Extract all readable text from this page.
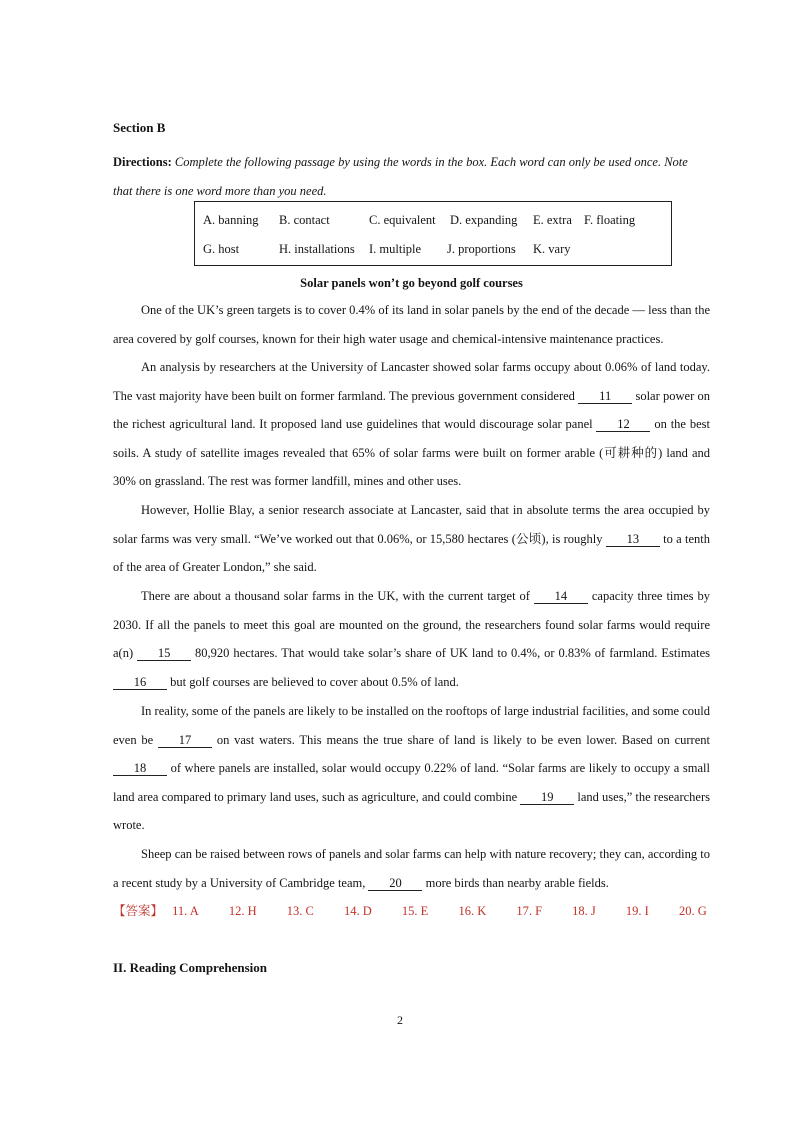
Section B
Directions: Complete the following passage by using the words in the box. Each word can only be used once. Note that there is one word more than you need.
A. banning B. contact	C. equivalent D. expanding E. extra F. floating
G. host	H. installations I. multiple J. proportions K. vary
Solar panels won’t go beyond golf courses

One of the UK’s green targets is to cover 0.4% of its land in solar panels by the end of the decade — less than the area covered by golf courses, known for their high water usage and chemical-intensive maintenance practices.

An analysis by researchers at the University of Lancaster showed solar farms occupy about 0.06% of land today. The vast majority have been built on former farmland. The previous government considered 11 solar power on the richest agricultural land. It proposed land use guidelines that would discourage solar panel 12 on the best soils. A study of satellite images revealed that 65% of solar farms were built on former arable (可耕种的) land and 30% on grassland. The rest was former landfill, mines and other uses.

However, Hollie Blay, a senior research associate at Lancaster, said that in absolute terms the area occupied by solar farms was very small. “We’ve worked out that 0.06%, or 15,580 hectares (公顷), is roughly 13 to a tenth of the area of Greater London,” she said.

There are about a thousand solar farms in the UK, with the current target of 14 capacity three times by 2030. If all the panels to meet this goal are mounted on the ground, the researchers found solar farms would require a(n) 15 80,920 hectares. That would take solar’s share of UK land to 0.4%, or 0.83% of farmland. Estimates 16 but golf courses are believed to cover about 0.5% of land.

In reality, some of the panels are likely to be installed on the rooftops of large industrial facilities, and some could even be 17 on vast waters. This means the true share of land is likely to be even lower. Based on current 18 of where panels are installed, solar would occupy 0.22% of land. “Solar farms are likely to occupy a small land area compared to primary land uses, such as agriculture, and could combine 19 land uses,” the researchers wrote.

Sheep can be raised between rows of panels and solar farms can help with nature recovery; they can, according to a recent study by a University of Cambridge team, 20 more birds than nearby arable fields.

【答案】 11. A 12. H 13. C 14. D 15. E 16. K 17. F 18. J 19. I 20. G
II. Reading Comprehension
2
